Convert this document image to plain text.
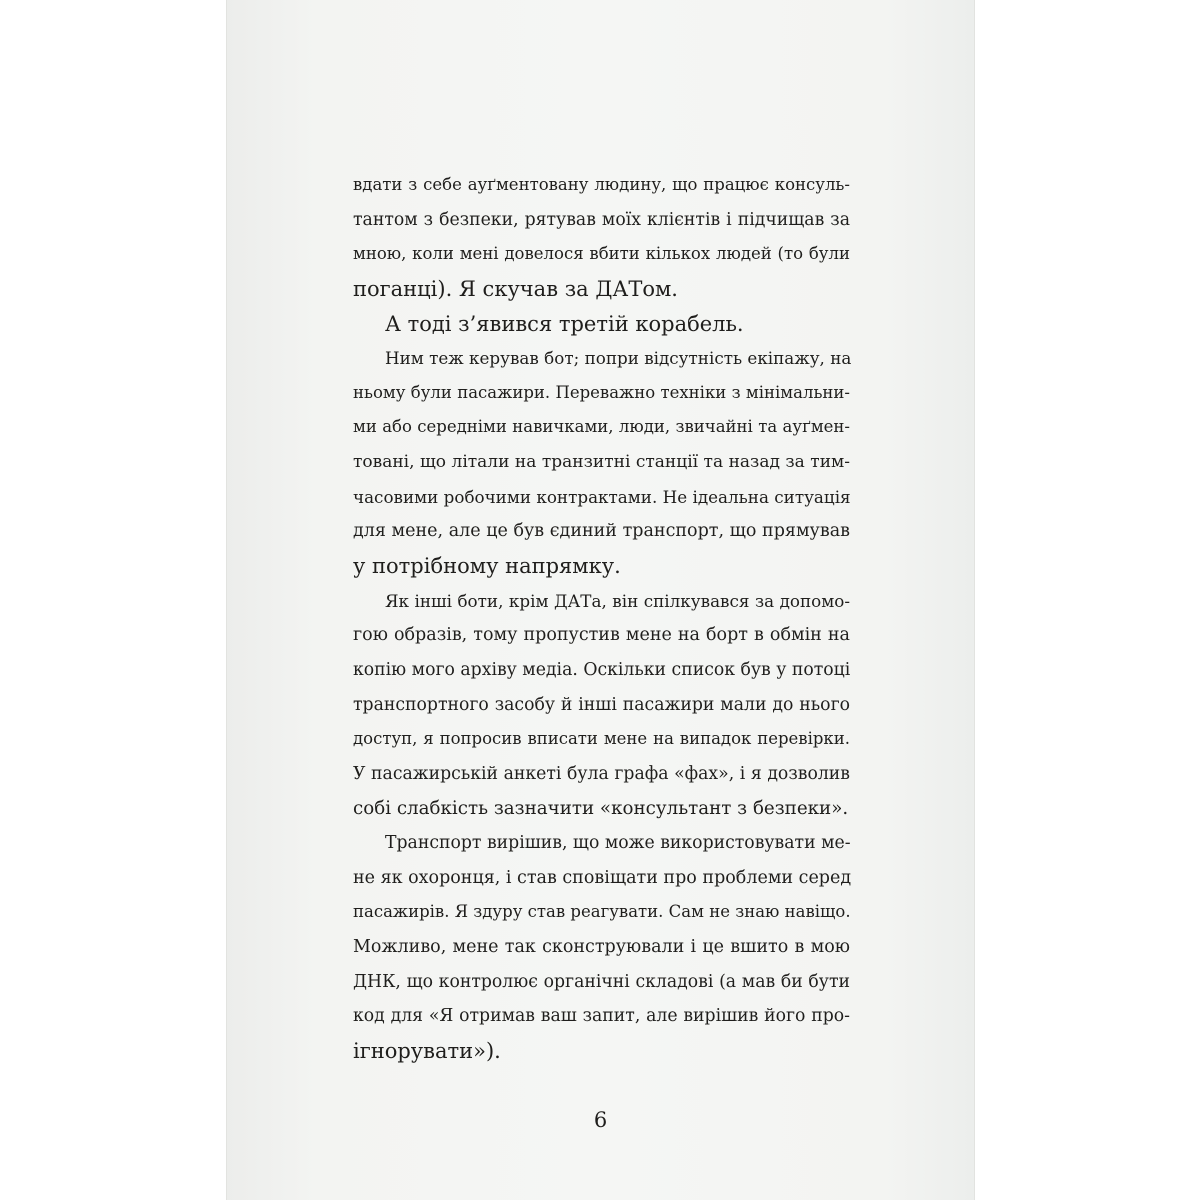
вдати з себе ауґментовану людину, що працює консуль-
тантом з безпеки, рятував моїх клієнтів і підчищав за
мною, коли мені довелося вбити кількох людей (то були
поганці). Я скучав за ДАТом.
А тоді з’явився третій корабель.
Ним теж керував бот; попри відсутність екіпажу, на
ньому були пасажири. Переважно техніки з мінімальни-
ми або середніми навичками, люди, звичайні та ауґмен-
товані, що літали на транзитні станції та назад за тим-
часовими робочими контрактами. Не ідеальна ситуація
для мене, але це був єдиний транспорт, що прямував
у потрібному напрямку.
Як інші боти, крім ДАТа, він спілкувався за допомо-
гою образів, тому пропустив мене на борт в обмін на
копію мого архіву медіа. Оскільки список був у потоці
транспортного засобу й інші пасажири мали до нього
доступ, я попросив вписати мене на випадок перевірки.
У пасажирській анкеті була графа «фах», і я дозволив
собі слабкість зазначити «консультант з безпеки».
Транспорт вирішив, що може використовувати ме-
не як охоронця, і став сповіщати про проблеми серед
пасажирів. Я здуру став реагувати. Сам не знаю навіщо.
Можливо, мене так сконструювали і це вшито в мою
ДНК, що контролює органічні складові (а мав би бути
код для «Я отримав ваш запит, але вирішив його про-
ігнорувати»).
6
